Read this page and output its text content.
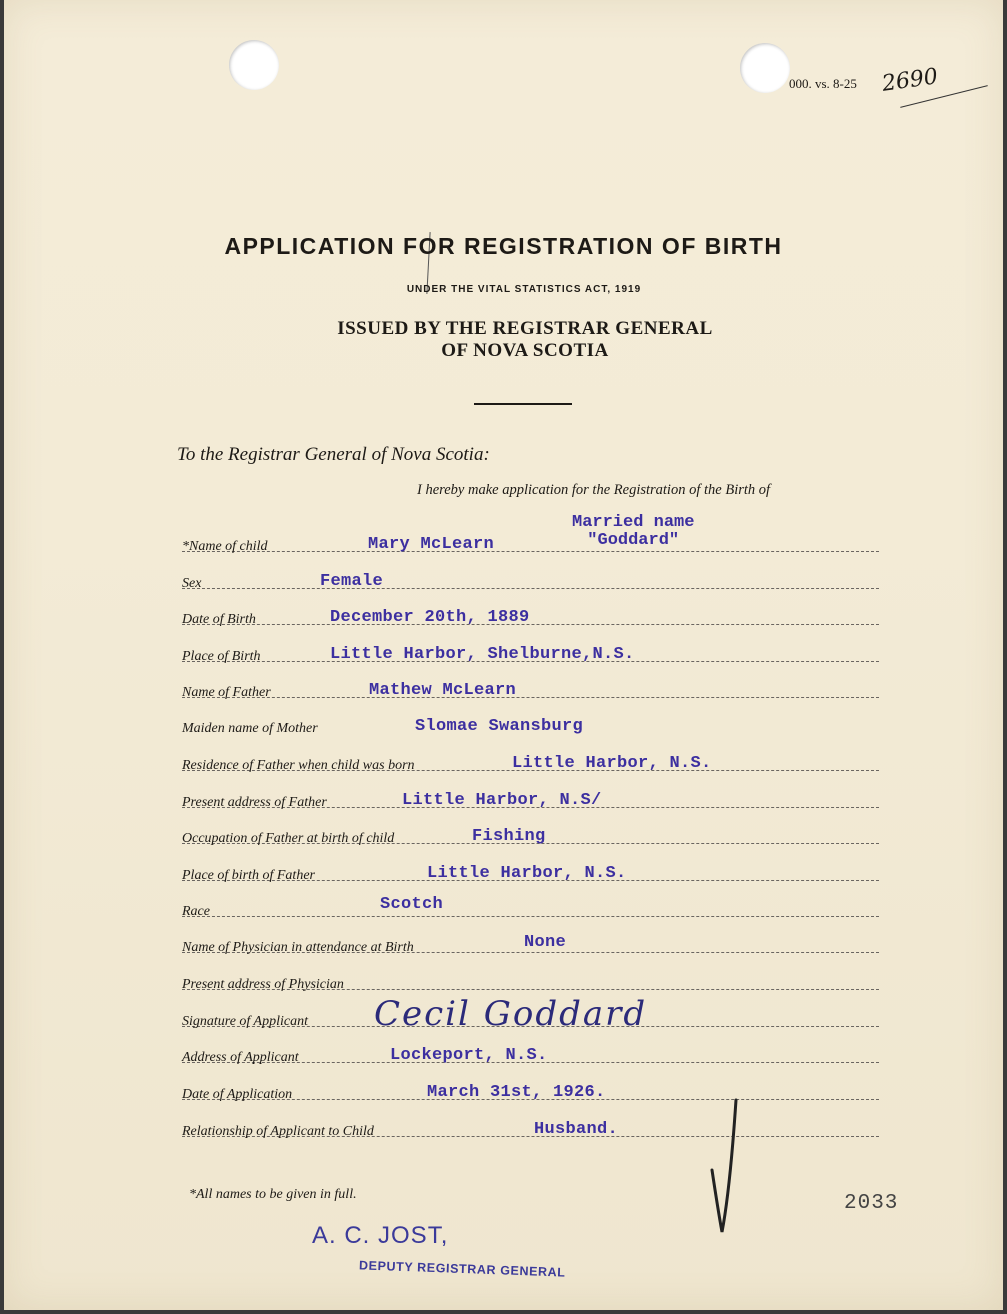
000. vs. 8-25 2690
APPLICATION FOR REGISTRATION OF BIRTH
UNDER THE VITAL STATISTICS ACT, 1919
ISSUED BY THE REGISTRAR GENERAL
OF NOVA SCOTIA
To the Registrar General of Nova Scotia:
I hereby make application for the Registration of the Birth of
Married name
"Goddard"
*Name of child	Mary McLearn
Sex	Female
Date of Birth	December 20th, 1889
Place of Birth	Little Harbor, Shelburne,N.S.
Name of Father	Mathew McLearn
Maiden name of Mother	Slomae Swansburg
Residence of Father when child was born	Little Harbor, N.S.
Present address of Father	Little Harbor, N.S/
Occupation of Father at birth of child	Fishing
Place of birth of Father	Little Harbor, N.S.
Race	Scotch
Name of Physician in attendance at Birth	None
Present address of Physician
Signature of Applicant Cecil Goddard
Address of Applicant	Lockeport, N.S.
Date of Application	March 31st, 1926.
Relationship of Applicant to Child	Husband.
*All names to be given in full.	2033
A. C. JOST,
DEPUTY REGISTRAR GENERAL
